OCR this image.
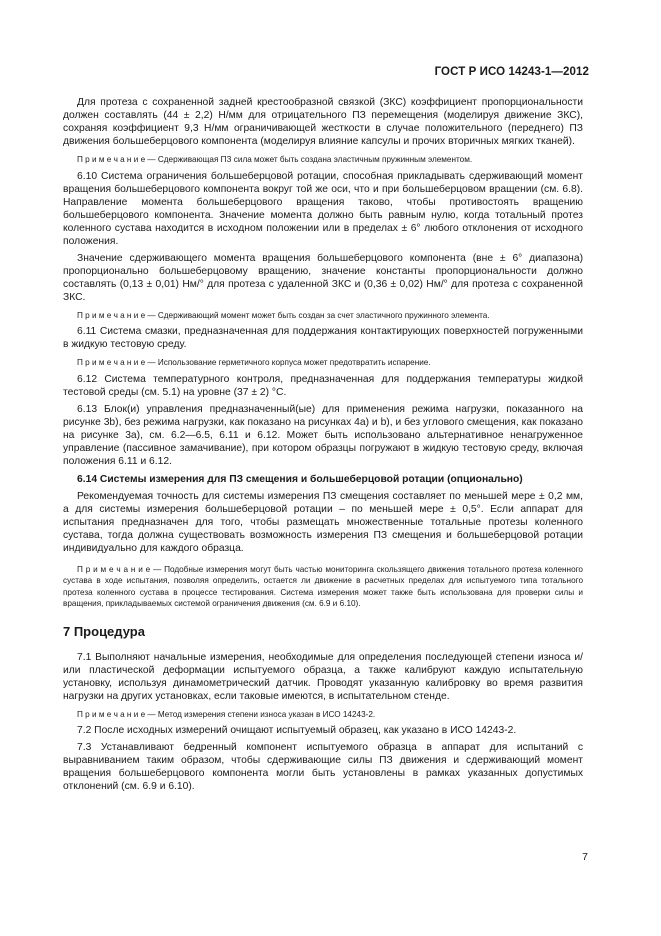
ГОСТ Р ИСО 14243-1—2012

Для протеза с сохраненной задней крестообразной связкой (ЗКС) коэффициент пропорциональности должен составлять (44 ± 2,2) Н/мм для отрицательного ПЗ перемещения (моделируя движение ЗКС), сохраняя коэффициент 9,3 Н/мм ограничивающей жесткости в случае положительного (переднего) ПЗ движения большеберцового компонента (моделируя влияние капсулы и прочих вторичных мягких тканей).

П р и м е ч а н и е — Сдерживающая ПЗ сила может быть создана эластичным пружинным элементом.

6.10 Система ограничения большеберцовой ротации, способная прикладывать сдерживающий момент вращения большеберцового компонента вокруг той же оси, что и при большеберцовом вращении (см. 6.8). Направление момента большеберцового вращения таково, чтобы противостоять вращению большеберцового компонента. Значение момента должно быть равным нулю, когда тотальный протез коленного сустава находится в исходном положении или в пределах ± 6° любого отклонения от исходного положения.

Значение сдерживающего момента вращения большеберцового компонента (вне ± 6° диапазона) пропорционально большеберцовому вращению, значение константы пропорциональности должно составлять (0,13 ± 0,01) Нм/° для протеза с удаленной ЗКС и (0,36 ± 0,02) Нм/° для протеза с сохраненной ЗКС.

П р и м е ч а н и е — Сдерживающий момент может быть создан за счет эластичного пружинного элемента.

6.11 Система смазки, предназначенная для поддержания контактирующих поверхностей погруженными в жидкую тестовую среду.

П р и м е ч а н и е — Использование герметичного корпуса может предотвратить испарение.

6.12 Система температурного контроля, предназначенная для поддержания температуры жидкой тестовой среды (см. 5.1) на уровне (37 ± 2) °С.

6.13 Блок(и) управления предназначенный(ые) для применения режима нагрузки, показанного на рисунке 3b), без режима нагрузки, как показано на рисунках 4a) и b), и без углового смещения, как показано на рисунке 3a), см. 6.2—6.5, 6.11 и 6.12. Может быть использовано альтернативное ненагруженное управление (пассивное замачивание), при котором образцы погружают в жидкую тестовую среду, включая положения 6.11 и 6.12.

6.14 Системы измерения для ПЗ смещения и большеберцовой ротации (опционально)

Рекомендуемая точность для системы измерения ПЗ смещения составляет по меньшей мере ± 0,2 мм, а для системы измерения большеберцовой ротации – по меньшей мере ± 0,5°. Если аппарат для испытания предназначен для того, чтобы размещать множественные тотальные протезы коленного сустава, тогда должна существовать возможность измерения ПЗ смещения и большеберцовой ротации индивидуально для каждого образца.

П р и м е ч а н и е — Подобные измерения могут быть частью мониторинга скользящего движения тотального протеза коленного сустава в ходе испытания, позволяя определить, остается ли движение в расчетных пределах для испытуемого типа тотального протеза коленного сустава в процессе тестирования. Система измерения может также быть использована для проверки силы и вращения, прикладываемых системой ограничения движения (см. 6.9 и 6.10).

7 Процедура

7.1 Выполняют начальные измерения, необходимые для определения последующей степени износа и/или пластической деформации испытуемого образца, а также калибруют каждую испытательную установку, используя динамометрический датчик. Проводят указанную калибровку во время развития нагрузки на других установках, если таковые имеются, в испытательном стенде.

П р и м е ч а н и е — Метод измерения степени износа указан в ИСО 14243-2.

7.2 После исходных измерений очищают испытуемый образец, как указано в ИСО 14243-2.

7.3 Устанавливают бедренный компонент испытуемого образца в аппарат для испытаний с выравниванием таким образом, чтобы сдерживающие силы ПЗ движения и сдерживающий момент вращения большеберцового компонента могли быть установлены в рамках указанных допустимых отклонений (см. 6.9 и 6.10).

7
